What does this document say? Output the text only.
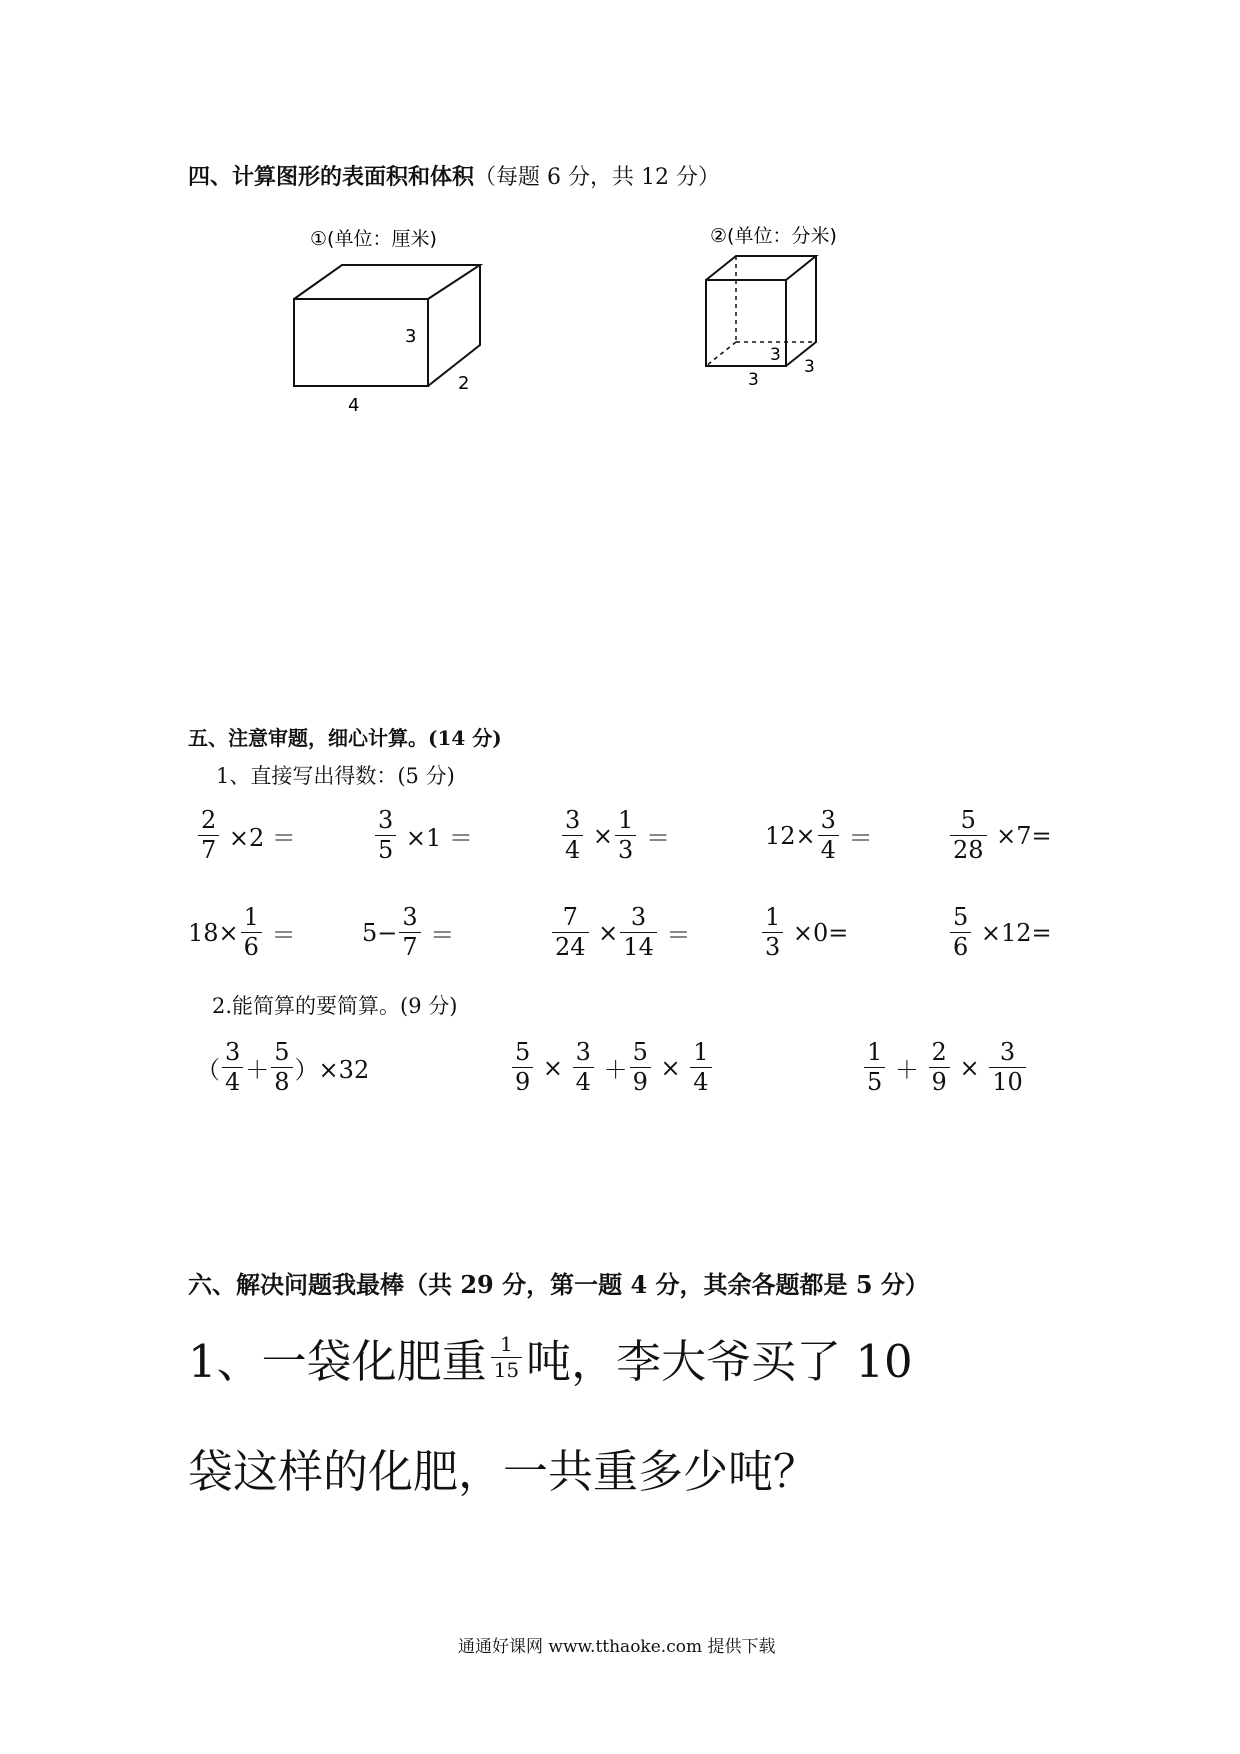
四、计算图形的表面积和体积（每题 6 分，共 12 分）
①(单位：厘米)
3
4
2
②(单位：分米)
3
3
3
五、注意审题，细心计算。(14 分)
1、直接写出得数：(5 分)
$\frac{2}{7} \times 2$ ＝	$\frac{3}{5} \times 1$ ＝	$\frac{3}{4} \times \frac{1}{3}$ ＝	$12\times \frac{3}{4}$ ＝	$\frac{5}{28} \times 7=$
$18\times \frac{1}{6}$ ＝	$5- \frac{3}{7}$ ＝	$\frac{7}{24} \times \frac{3}{14}$ ＝	$\frac{1}{3} \times 0=$	$\frac{5}{6} \times 12=$
2.能简算的要简算。(9 分)
（ $\frac{3}{4} + \frac{5}{8} )\times 32$	$\frac{5}{9} \times \frac{3}{4} + \frac{5}{9} \times \frac{1}{4}$	$\frac{1}{5} + \frac{2}{9} \times \frac{3}{10}$
六、解决问题我最棒（共 29 分，第一题 4 分，其余各题都是 5 分）
1、一袋化肥重 $\frac{1}{15}$ 吨，李大爷买了 10
袋这样的化肥，一共重多少吨？
通通好课网 www.tthaoke.com 提供下载
